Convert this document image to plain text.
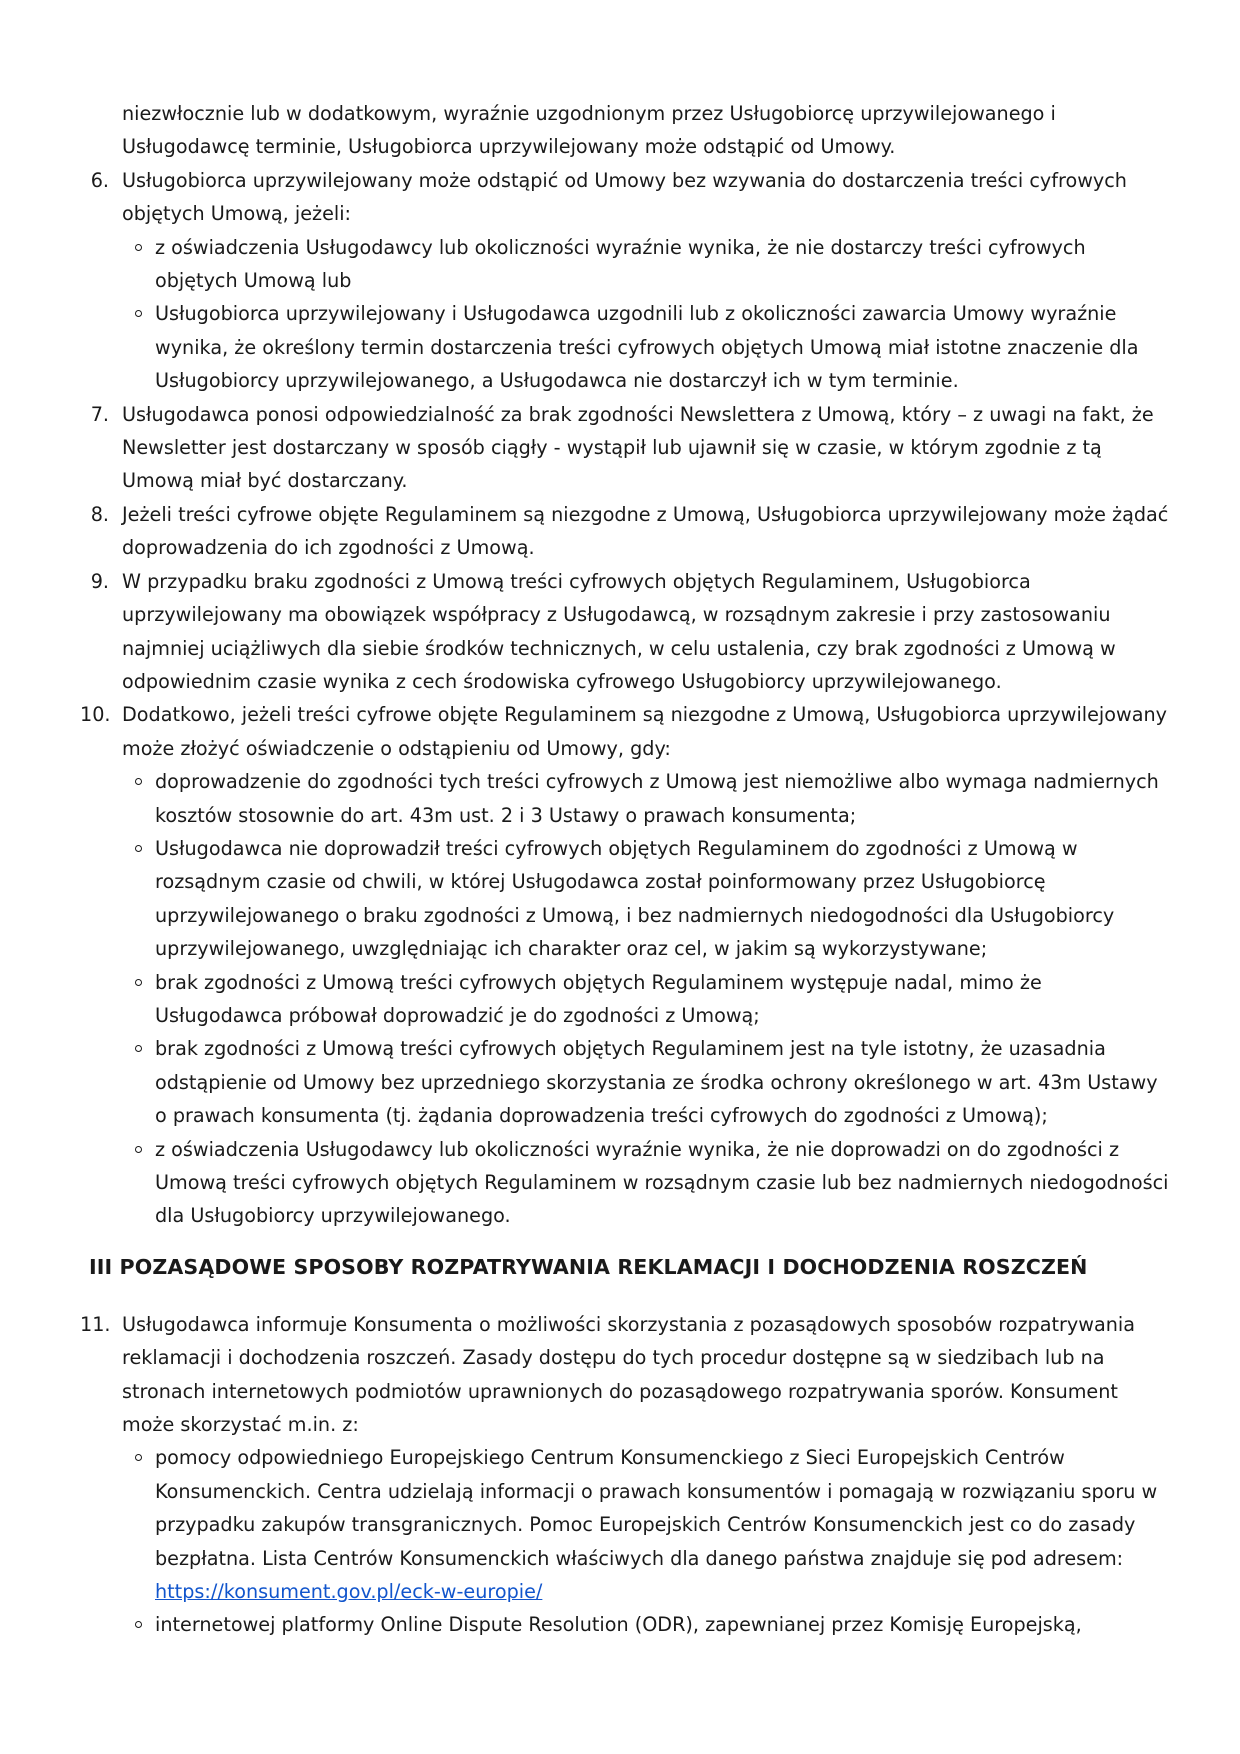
niezwłocznie lub w dodatkowym, wyraźnie uzgodnionym przez Usługobiorcę uprzywilejowanego i Usługodawcę terminie, Usługobiorca uprzywilejowany może odstąpić od Umowy.
6. Usługobiorca uprzywilejowany może odstąpić od Umowy bez wzywania do dostarczenia treści cyfrowych objętych Umową, jeżeli:
z oświadczenia Usługodawcy lub okoliczności wyraźnie wynika, że nie dostarczy treści cyfrowych objętych Umową lub
Usługobiorca uprzywilejowany i Usługodawca uzgodnili lub z okoliczności zawarcia Umowy wyraźnie wynika, że określony termin dostarczenia treści cyfrowych objętych Umową miał istotne znaczenie dla Usługobiorcy uprzywilejowanego, a Usługodawca nie dostarczył ich w tym terminie.
7. Usługodawca ponosi odpowiedzialność za brak zgodności Newslettera z Umową, który – z uwagi na fakt, że Newsletter jest dostarczany w sposób ciągły - wystąpił lub ujawnił się w czasie, w którym zgodnie z tą Umową miał być dostarczany.
8. Jeżeli treści cyfrowe objęte Regulaminem są niezgodne z Umową, Usługobiorca uprzywilejowany może żądać doprowadzenia do ich zgodności z Umową.
9. W przypadku braku zgodności z Umową treści cyfrowych objętych Regulaminem, Usługobiorca uprzywilejowany ma obowiązek współpracy z Usługodawcą, w rozsądnym zakresie i przy zastosowaniu najmniej uciążliwych dla siebie środków technicznych, w celu ustalenia, czy brak zgodności z Umową w odpowiednim czasie wynika z cech środowiska cyfrowego Usługobiorcy uprzywilejowanego.
10. Dodatkowo, jeżeli treści cyfrowe objęte Regulaminem są niezgodne z Umową, Usługobiorca uprzywilejowany może złożyć oświadczenie o odstąpieniu od Umowy, gdy:
doprowadzenie do zgodności tych treści cyfrowych z Umową jest niemożliwe albo wymaga nadmiernych kosztów stosownie do art. 43m ust. 2 i 3 Ustawy o prawach konsumenta;
Usługodawca nie doprowadził treści cyfrowych objętych Regulaminem do zgodności z Umową w rozsądnym czasie od chwili, w której Usługodawca został poinformowany przez Usługobiorcę uprzywilejowanego o braku zgodności z Umową, i bez nadmiernych niedogodności dla Usługobiorcy uprzywilejowanego, uwzględniając ich charakter oraz cel, w jakim są wykorzystywane;
brak zgodności z Umową treści cyfrowych objętych Regulaminem występuje nadal, mimo że Usługodawca próbował doprowadzić je do zgodności z Umową;
brak zgodności z Umową treści cyfrowych objętych Regulaminem jest na tyle istotny, że uzasadnia odstąpienie od Umowy bez uprzedniego skorzystania ze środka ochrony określonego w art. 43m Ustawy o prawach konsumenta (tj. żądania doprowadzenia treści cyfrowych do zgodności z Umową);
z oświadczenia Usługodawcy lub okoliczności wyraźnie wynika, że nie doprowadzi on do zgodności z Umową treści cyfrowych objętych Regulaminem w rozsądnym czasie lub bez nadmiernych niedogodności dla Usługobiorcy uprzywilejowanego.
III POZASĄDOWE SPOSOBY ROZPATRYWANIA REKLAMACJI I DOCHODZENIA ROSZCZEŃ
11. Usługodawca informuje Konsumenta o możliwości skorzystania z pozasądowych sposobów rozpatrywania reklamacji i dochodzenia roszczeń. Zasady dostępu do tych procedur dostępne są w siedzibach lub na stronach internetowych podmiotów uprawnionych do pozasądowego rozpatrywania sporów. Konsument może skorzystać m.in. z:
pomocy odpowiedniego Europejskiego Centrum Konsumenckiego z Sieci Europejskich Centrów Konsumenckich. Centra udzielają informacji o prawach konsumentów i pomagają w rozwiązaniu sporu w przypadku zakupów transgranicznych. Pomoc Europejskich Centrów Konsumenckich jest co do zasady bezpłatna. Lista Centrów Konsumenckich właściwych dla danego państwa znajduje się pod adresem: https://konsument.gov.pl/eck-w-europie/
internetowej platformy Online Dispute Resolution (ODR), zapewnianej przez Komisję Europejską,
